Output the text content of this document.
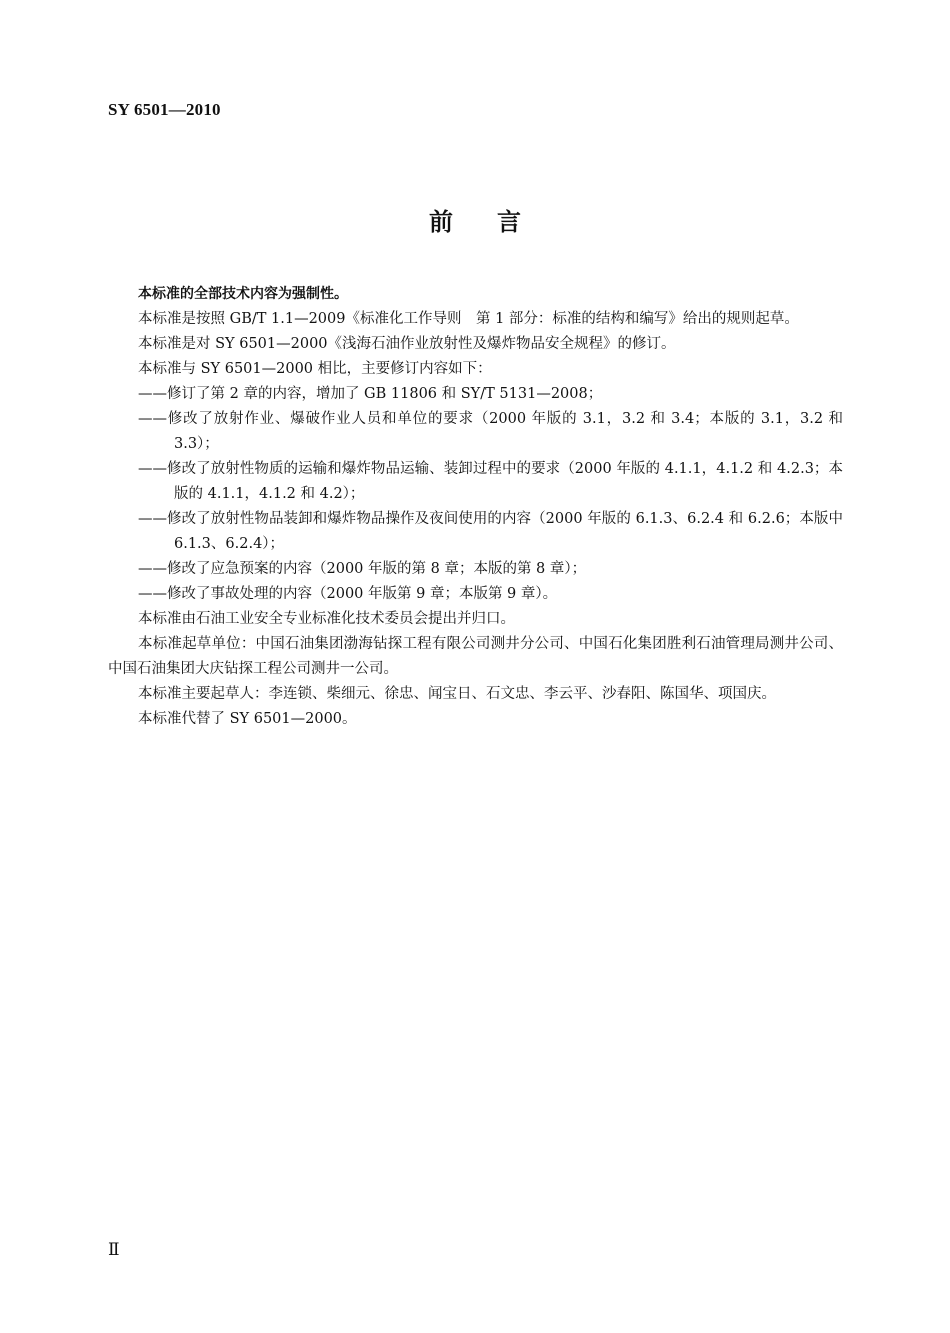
SY 6501—2010
前言

本标准的全部技术内容为强制性。

本标准是按照 GB/T 1.1—2009《标准化工作导则　第 1 部分：标准的结构和编写》给出的规则起草。

本标准是对 SY 6501—2000《浅海石油作业放射性及爆炸物品安全规程》的修订。

本标准与 SY 6501—2000 相比，主要修订内容如下：

——修订了第 2 章的内容，增加了 GB 11806 和 SY/T 5131—2008；

——修改了放射作业、爆破作业人员和单位的要求（2000 年版的 3.1，3.2 和 3.4；本版的 3.1，3.2 和 3.3）；

——修改了放射性物质的运输和爆炸物品运输、装卸过程中的要求（2000 年版的 4.1.1，4.1.2 和 4.2.3；本版的 4.1.1，4.1.2 和 4.2）；

——修改了放射性物品装卸和爆炸物品操作及夜间使用的内容（2000 年版的 6.1.3、6.2.4 和 6.2.6；本版中 6.1.3、6.2.4）；

——修改了应急预案的内容（2000 年版的第 8 章；本版的第 8 章）；

——修改了事故处理的内容（2000 年版第 9 章；本版第 9 章）。

本标准由石油工业安全专业标准化技术委员会提出并归口。

本标准起草单位：中国石油集团渤海钻探工程有限公司测井分公司、中国石化集团胜利石油管理局测井公司、中国石油集团大庆钻探工程公司测井一公司。

本标准主要起草人：李连锁、柴细元、徐忠、闻宝日、石文忠、李云平、沙春阳、陈国华、项国庆。

本标准代替了 SY 6501—2000。

Ⅱ
